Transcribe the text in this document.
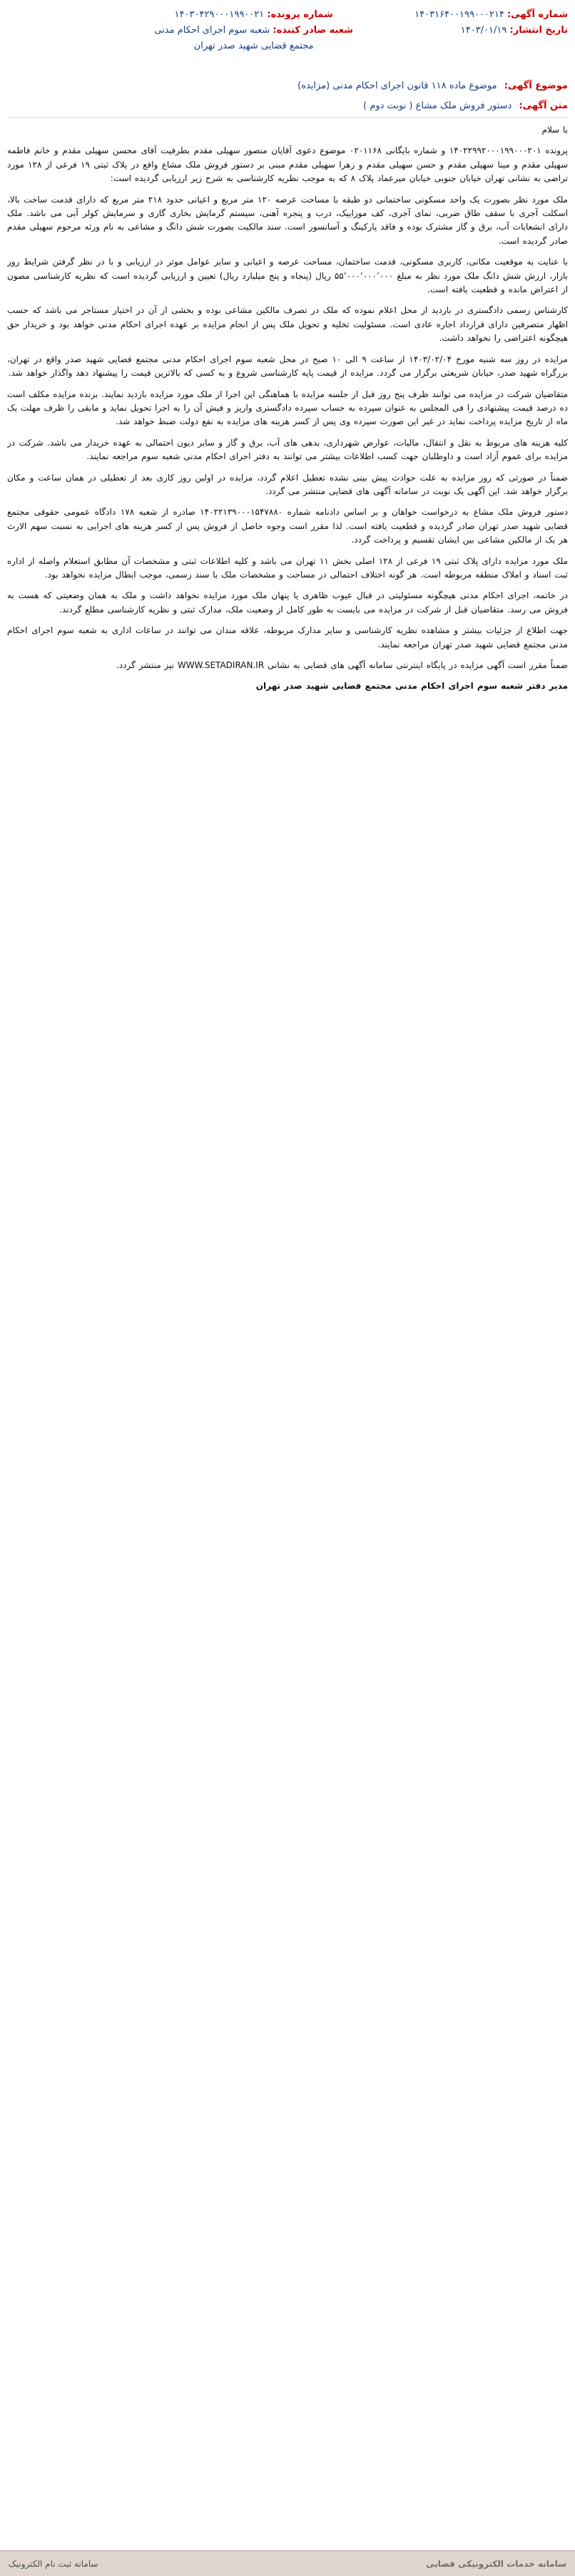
شماره آگهی: ۱۴۰۳۱۶۴۰۰۱۹۹۰۰۰۲۱۴
تاریخ انتشار: ۱۴۰۳/۰۱/۱۹
شماره پرونده: ۱۴۰۳۰۴۲۹۰۰۰۱۹۹۰۰۲۱
شعبه صادر کننده: شعبه سوم اجرای احکام مدنی مجتمع قضایی شهید صدر تهران
موضوع آگهی: موضوع ماده ۱۱۸ قانون اجرای احکام مدنی (مزایده)
متن آگهی: دستور فروش ملک مشاع ( نوبت دوم )

با سلام

پرونده ۱۴۰۲۲۹۹۲۰۰۰۱۹۹۰۰۰۲۰۱ و شماره بایگانی ۰۲۰۱۱۶۸ موضوع دعوی آقایان منصور سهیلی مقدم بطرفیت آقای محسن سهیلی مقدم و خانم فاطمه سهیلی مقدم و مینا سهیلی مقدم و حسن سهیلی مقدم و زهرا سهیلی مقدم مبنی بر دستور فروش ملک مشاع واقع در پلاک ثبتی ۱۹ فرعی از ۱۲۸ مورد تراضی به نشانی تهران خیابان جنوبی خیابان میرعماد پلاک ۸ که به موجب نظریه کارشناسی به شرح زیر ارزیابی گردیده است:

ملک مورد نظر بصورت یک واحد مسکونی ساختمانی دو طبقه با مساحت عرصه ۱۲۰ متر مربع و اعیانی حدود ۲۱۸ متر مربع که دارای قدمت ساخت بالا، اسکلت آجری با سقف طاق ضربی، نمای آجری، کف موزاییک، درب و پنجره آهنی، سیستم گرمایش بخاری گازی و سرمایش کولر آبی می باشد. ملک دارای انشعابات آب، برق و گاز مشترک بوده و فاقد پارکینگ و آسانسور است. سند مالکیت بصورت شش دانگ و مشاعی به نام ورثه مرحوم سهیلی مقدم صادر گردیده است.

با عنایت به موقعیت مکانی، کاربری مسکونی، قدمت ساختمان، مساحت عرصه و اعیانی و سایر عوامل موثر در ارزیابی و با در نظر گرفتن شرایط روز بازار، ارزش شش دانگ ملک مورد نظر به مبلغ ۵۵٬۰۰۰٬۰۰۰٬۰۰۰ ریال (پنجاه و پنج میلیارد ریال) تعیین و ارزیابی گردیده است که نظریه کارشناسی مصون از اعتراض مانده و قطعیت یافته است.

کارشناس رسمی دادگستری در بازدید از محل اعلام نموده که ملک در تصرف مالکین مشاعی بوده و بخشی از آن در اختیار مستاجر می باشد که حسب اظهار متصرفین دارای قرارداد اجاره عادی است. مسئولیت تخلیه و تحویل ملک پس از انجام مزایده بر عهده اجرای احکام مدنی خواهد بود و خریدار حق هیچگونه اعتراضی را نخواهد داشت.

مزایده در روز سه شنبه مورخ ۱۴۰۳/۰۲/۰۴ از ساعت ۹ الی ۱۰ صبح در محل شعبه سوم اجرای احکام مدنی مجتمع قضایی شهید صدر واقع در تهران، بزرگراه شهید صدر، خیابان شریعتی برگزار می گردد. مزایده از قیمت پایه کارشناسی شروع و به کسی که بالاترین قیمت را پیشنهاد دهد واگذار خواهد شد.

متقاضیان شرکت در مزایده می توانند ظرف پنج روز قبل از جلسه مزایده با هماهنگی این اجرا از ملک مورد مزایده بازدید نمایند. برنده مزایده مکلف است ده درصد قیمت پیشنهادی را فی المجلس به عنوان سپرده به حساب سپرده دادگستری واریز و فیش آن را به اجرا تحویل نماید و مابقی را ظرف مهلت یک ماه از تاریخ مزایده پرداخت نماید در غیر این صورت سپرده وی پس از کسر هزینه های مزایده به نفع دولت ضبط خواهد شد.

کلیه هزینه های مربوط به نقل و انتقال، مالیات، عوارض شهرداری، بدهی های آب، برق و گاز و سایر دیون احتمالی به عهده خریدار می باشد. شرکت در مزایده برای عموم آزاد است و داوطلبان جهت کسب اطلاعات بیشتر می توانند به دفتر اجرای احکام مدنی شعبه سوم مراجعه نمایند.

ضمناً در صورتی که روز مزایده به علت حوادث پیش بینی نشده تعطیل اعلام گردد، مزایده در اولین روز کاری بعد از تعطیلی در همان ساعت و مکان برگزار خواهد شد. این آگهی یک نوبت در سامانه آگهی های قضایی منتشر می گردد.

دستور فروش ملک مشاع به درخواست خواهان و بر اساس دادنامه شماره ۱۴۰۲۲۱۳۹۰۰۰۱۵۴۷۸۸۰ صادره از شعبه ۱۷۸ دادگاه عمومی حقوقی مجتمع قضایی شهید صدر تهران صادر گردیده و قطعیت یافته است. لذا مقرر است وجوه حاصل از فروش پس از کسر هزینه های اجرایی به نسبت سهم الارث هر یک از مالکین مشاعی بین ایشان تقسیم و پرداخت گردد.

ملک مورد مزایده دارای پلاک ثبتی ۱۹ فرعی از ۱۲۸ اصلی بخش ۱۱ تهران می باشد و کلیه اطلاعات ثبتی و مشخصات آن مطابق استعلام واصله از اداره ثبت اسناد و املاک منطقه مربوطه است. هر گونه اختلاف احتمالی در مساحت و مشخصات ملک با سند رسمی، موجب ابطال مزایده نخواهد بود.

در خاتمه، اجرای احکام مدنی هیچگونه مسئولیتی در قبال عیوب ظاهری یا پنهان ملک مورد مزایده نخواهد داشت و ملک به همان وضعیتی که هست به فروش می رسد. متقاضیان قبل از شرکت در مزایده می بایست به طور کامل از وضعیت ملک، مدارک ثبتی و نظریه کارشناسی مطلع گردند.

جهت اطلاع از جزئیات بیشتر و مشاهده نظریه کارشناسی و سایر مدارک مربوطه، علاقه مندان می توانند در ساعات اداری به شعبه سوم اجرای احکام مدنی مجتمع قضایی شهید صدر تهران مراجعه نمایند.

ضمناً مقرر است آگهی مزایده در پایگاه اینترنتی سامانه آگهی های قضایی به نشانی WWW.SETADIRAN.IR نیز منتشر گردد.

مدیر دفتر شعبه سوم اجرای احکام مدنی مجتمع قضایی شهید صدر تهران

سامانه خدمات الکترونیکی قضایی
سامانه ثبت نام الکترونیک
